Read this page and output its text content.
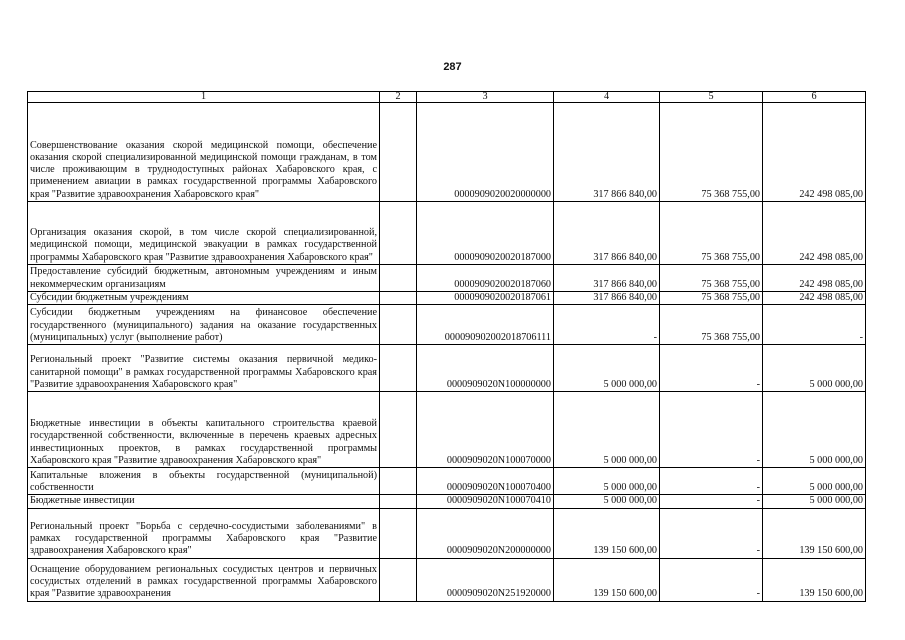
287
1	2	3	4	5	6
Совершенствование оказания скорой медицинской помощи, обеспечение оказания скорой специализированной медицинской помощи гражданам, в том числе проживающим в труднодоступных районах Хабаровского края, с применением авиации в рамках государственной программы Хабаровского края "Развитие здравоохранения Хабаровского края"		0000909020020000000	317 866 840,00	75 368 755,00	242 498 085,00
Организация оказания скорой, в том числе скорой специализированной, медицинской помощи, медицинской эвакуации в рамках государственной программы Хабаровского края "Развитие здравоохранения Хабаровского края"		0000909020020187000	317 866 840,00	75 368 755,00	242 498 085,00
Предоставление субсидий бюджетным, автономным учреждениям и иным некоммерческим организациям		0000909020020187060	317 866 840,00	75 368 755,00	242 498 085,00
Субсидии бюджетным учреждениям		0000909020020187061	317 866 840,00	75 368 755,00	242 498 085,00
Субсидии бюджетным учреждениям на финансовое обеспечение государственного (муниципального) задания на оказание государственных (муниципальных) услуг (выполнение работ)		000090902002018706111	-	75 368 755,00	-
Региональный проект "Развитие системы оказания первичной медико-санитарной помощи" в рамках государственной программы Хабаровского края "Развитие здравоохранения Хабаровского края"		0000909020N100000000	5 000 000,00	-	5 000 000,00
Бюджетные инвестиции в объекты капитального строительства краевой государственной собственности, включенные в перечень краевых адресных инвестиционных проектов, в рамках государственной программы Хабаровского края "Развитие здравоохранения Хабаровского края"		0000909020N100070000	5 000 000,00	-	5 000 000,00
Капитальные вложения в объекты государственной (муниципальной) собственности		0000909020N100070400	5 000 000,00	-	5 000 000,00
Бюджетные инвестиции		0000909020N100070410	5 000 000,00	-	5 000 000,00
Региональный проект "Борьба с сердечно-сосудистыми заболеваниями" в рамках государственной программы Хабаровского края "Развитие здравоохранения Хабаровского края"		0000909020N200000000	139 150 600,00	-	139 150 600,00
Оснащение оборудованием региональных сосудистых центров и первичных сосудистых отделений в рамках государственной программы Хабаровского края "Развитие здравоохранения		0000909020N251920000	139 150 600,00	-	139 150 600,00
